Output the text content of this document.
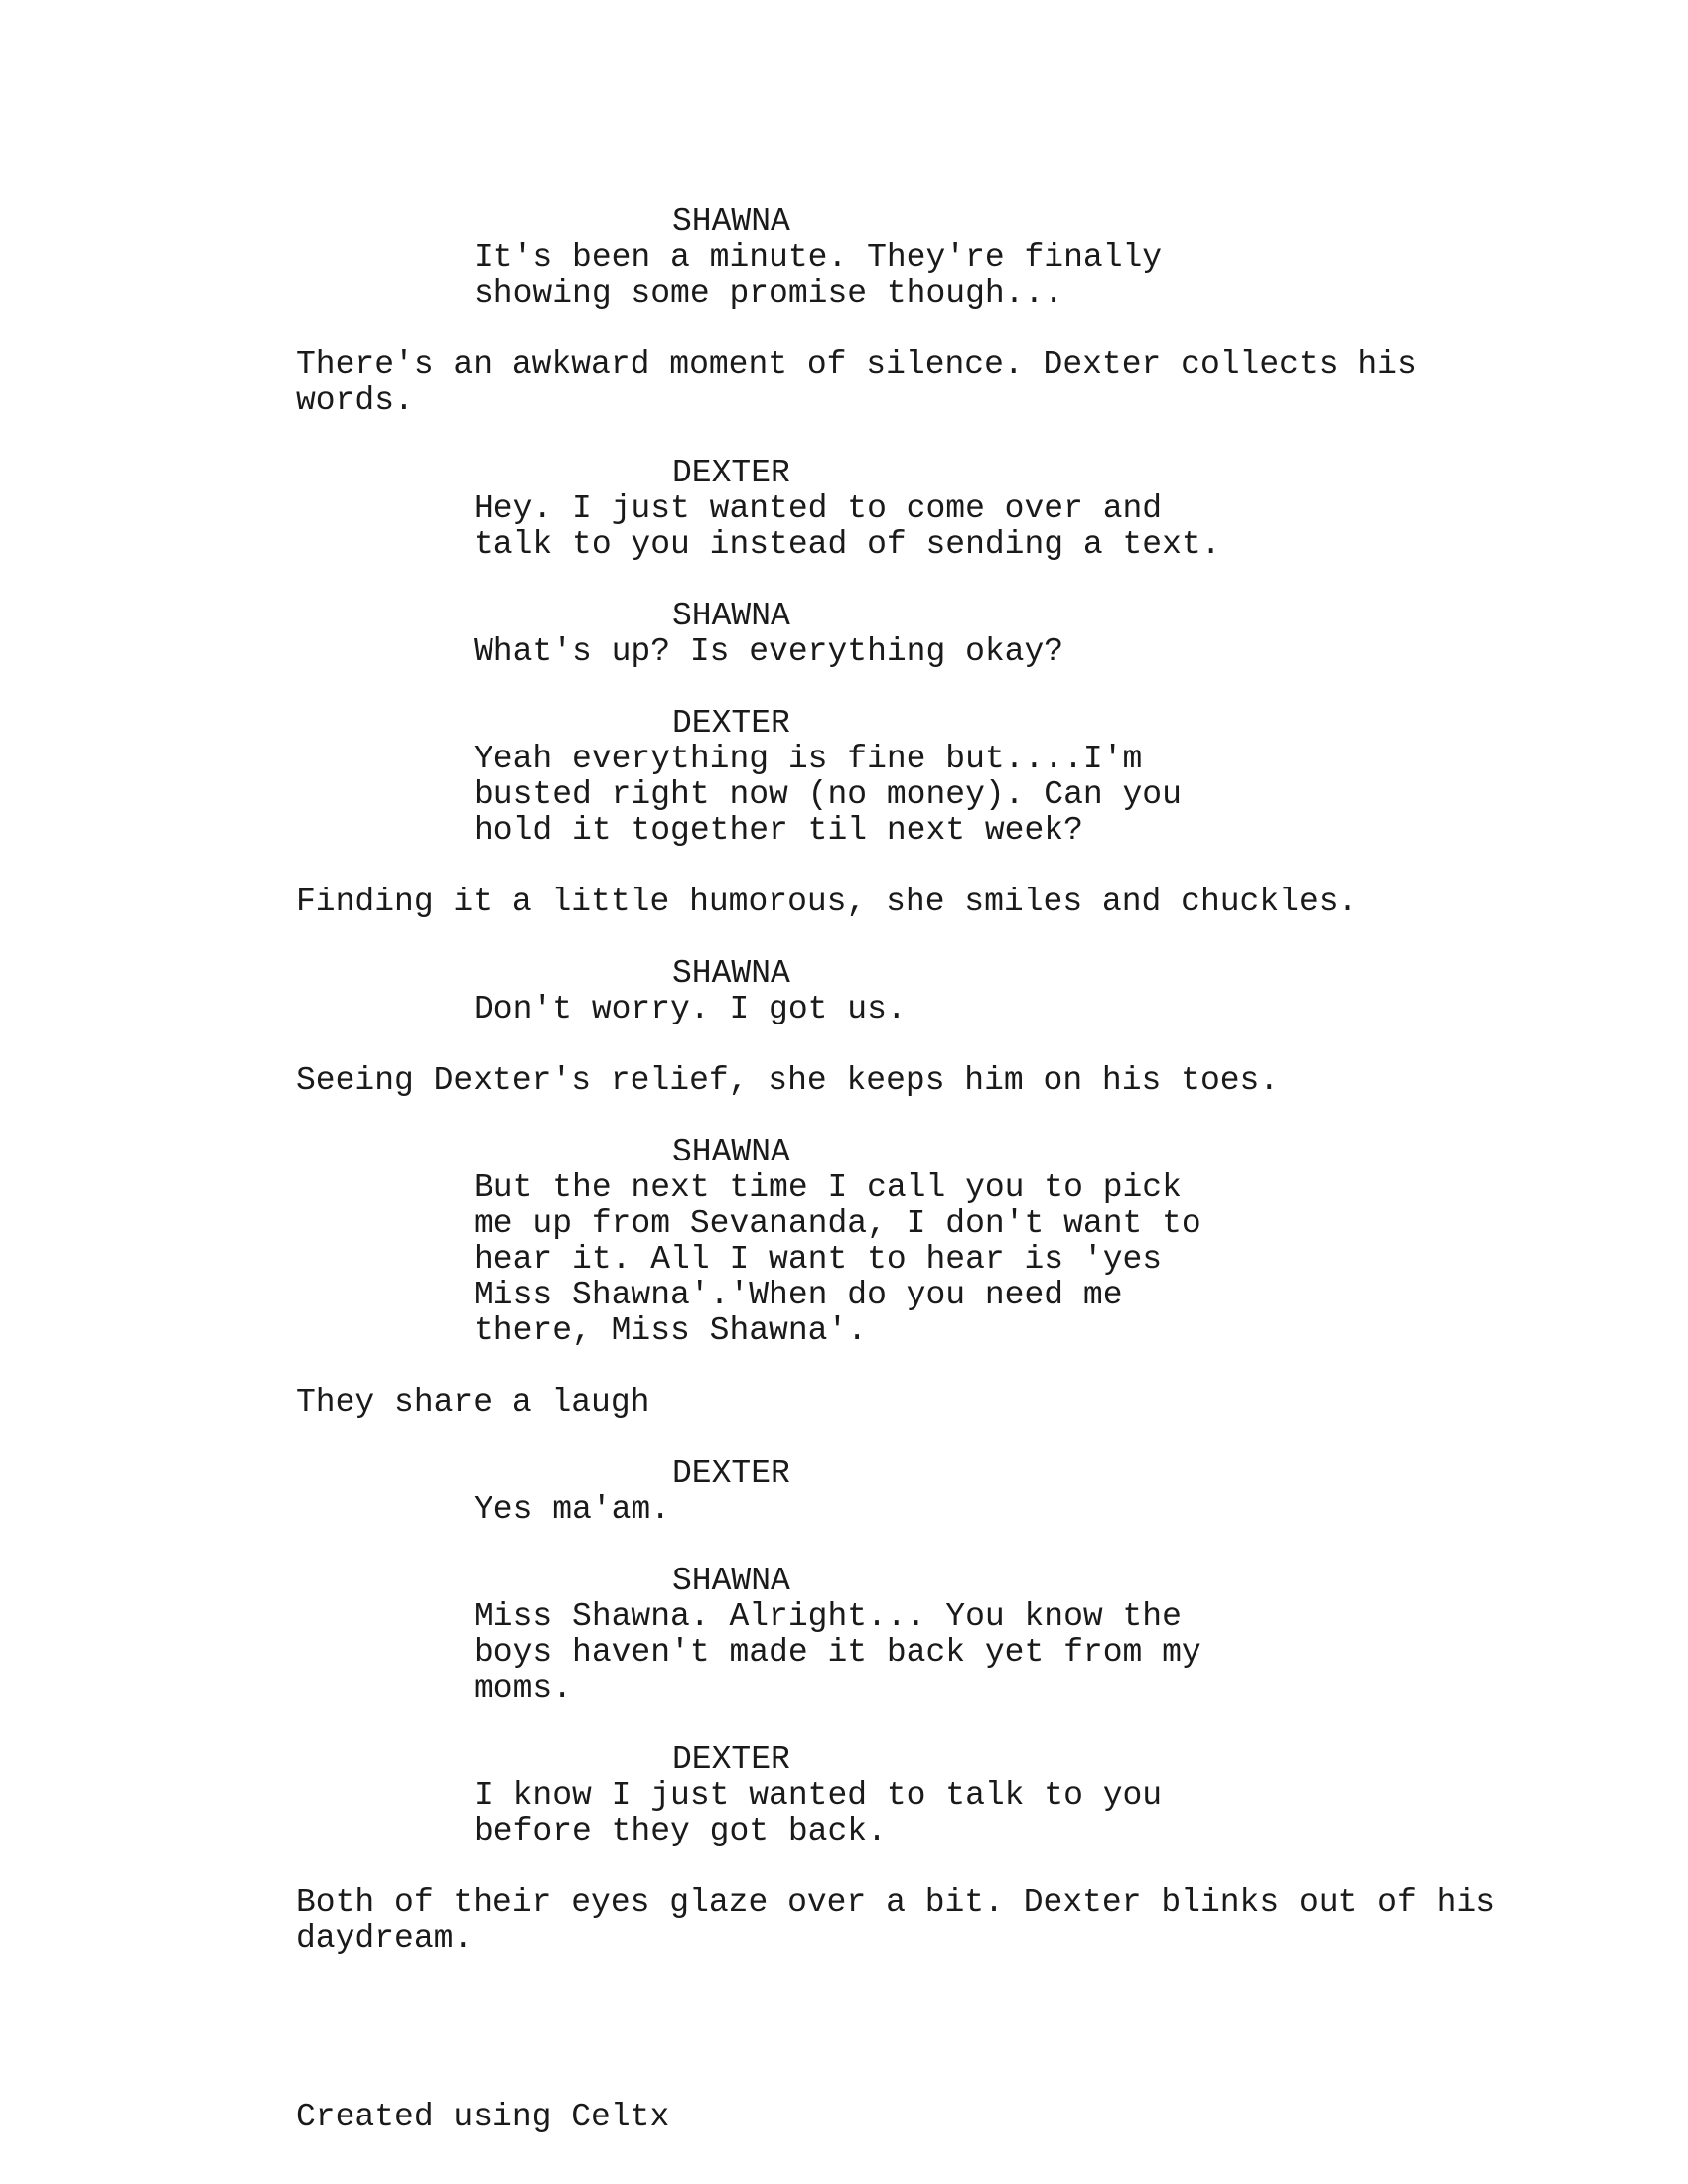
SHAWNA
It's been a minute. They're finally
showing some promise though...
There's an awkward moment of silence. Dexter collects his
words.
DEXTER
Hey. I just wanted to come over and
talk to you instead of sending a text.
SHAWNA
What's up? Is everything okay?
DEXTER
Yeah everything is fine but....I'm
busted right now (no money). Can you
hold it together til next week?
Finding it a little humorous, she smiles and chuckles.
SHAWNA
Don't worry. I got us.
Seeing Dexter's relief, she keeps him on his toes.
SHAWNA
But the next time I call you to pick
me up from Sevananda, I don't want to
hear it. All I want to hear is 'yes
Miss Shawna'.'When do you need me
there, Miss Shawna'.
They share a laugh
DEXTER
Yes ma'am.
SHAWNA
Miss Shawna. Alright... You know the
boys haven't made it back yet from my
moms.
DEXTER
I know I just wanted to talk to you
before they got back.
Both of their eyes glaze over a bit. Dexter blinks out of his
daydream.
Created using Celtx
